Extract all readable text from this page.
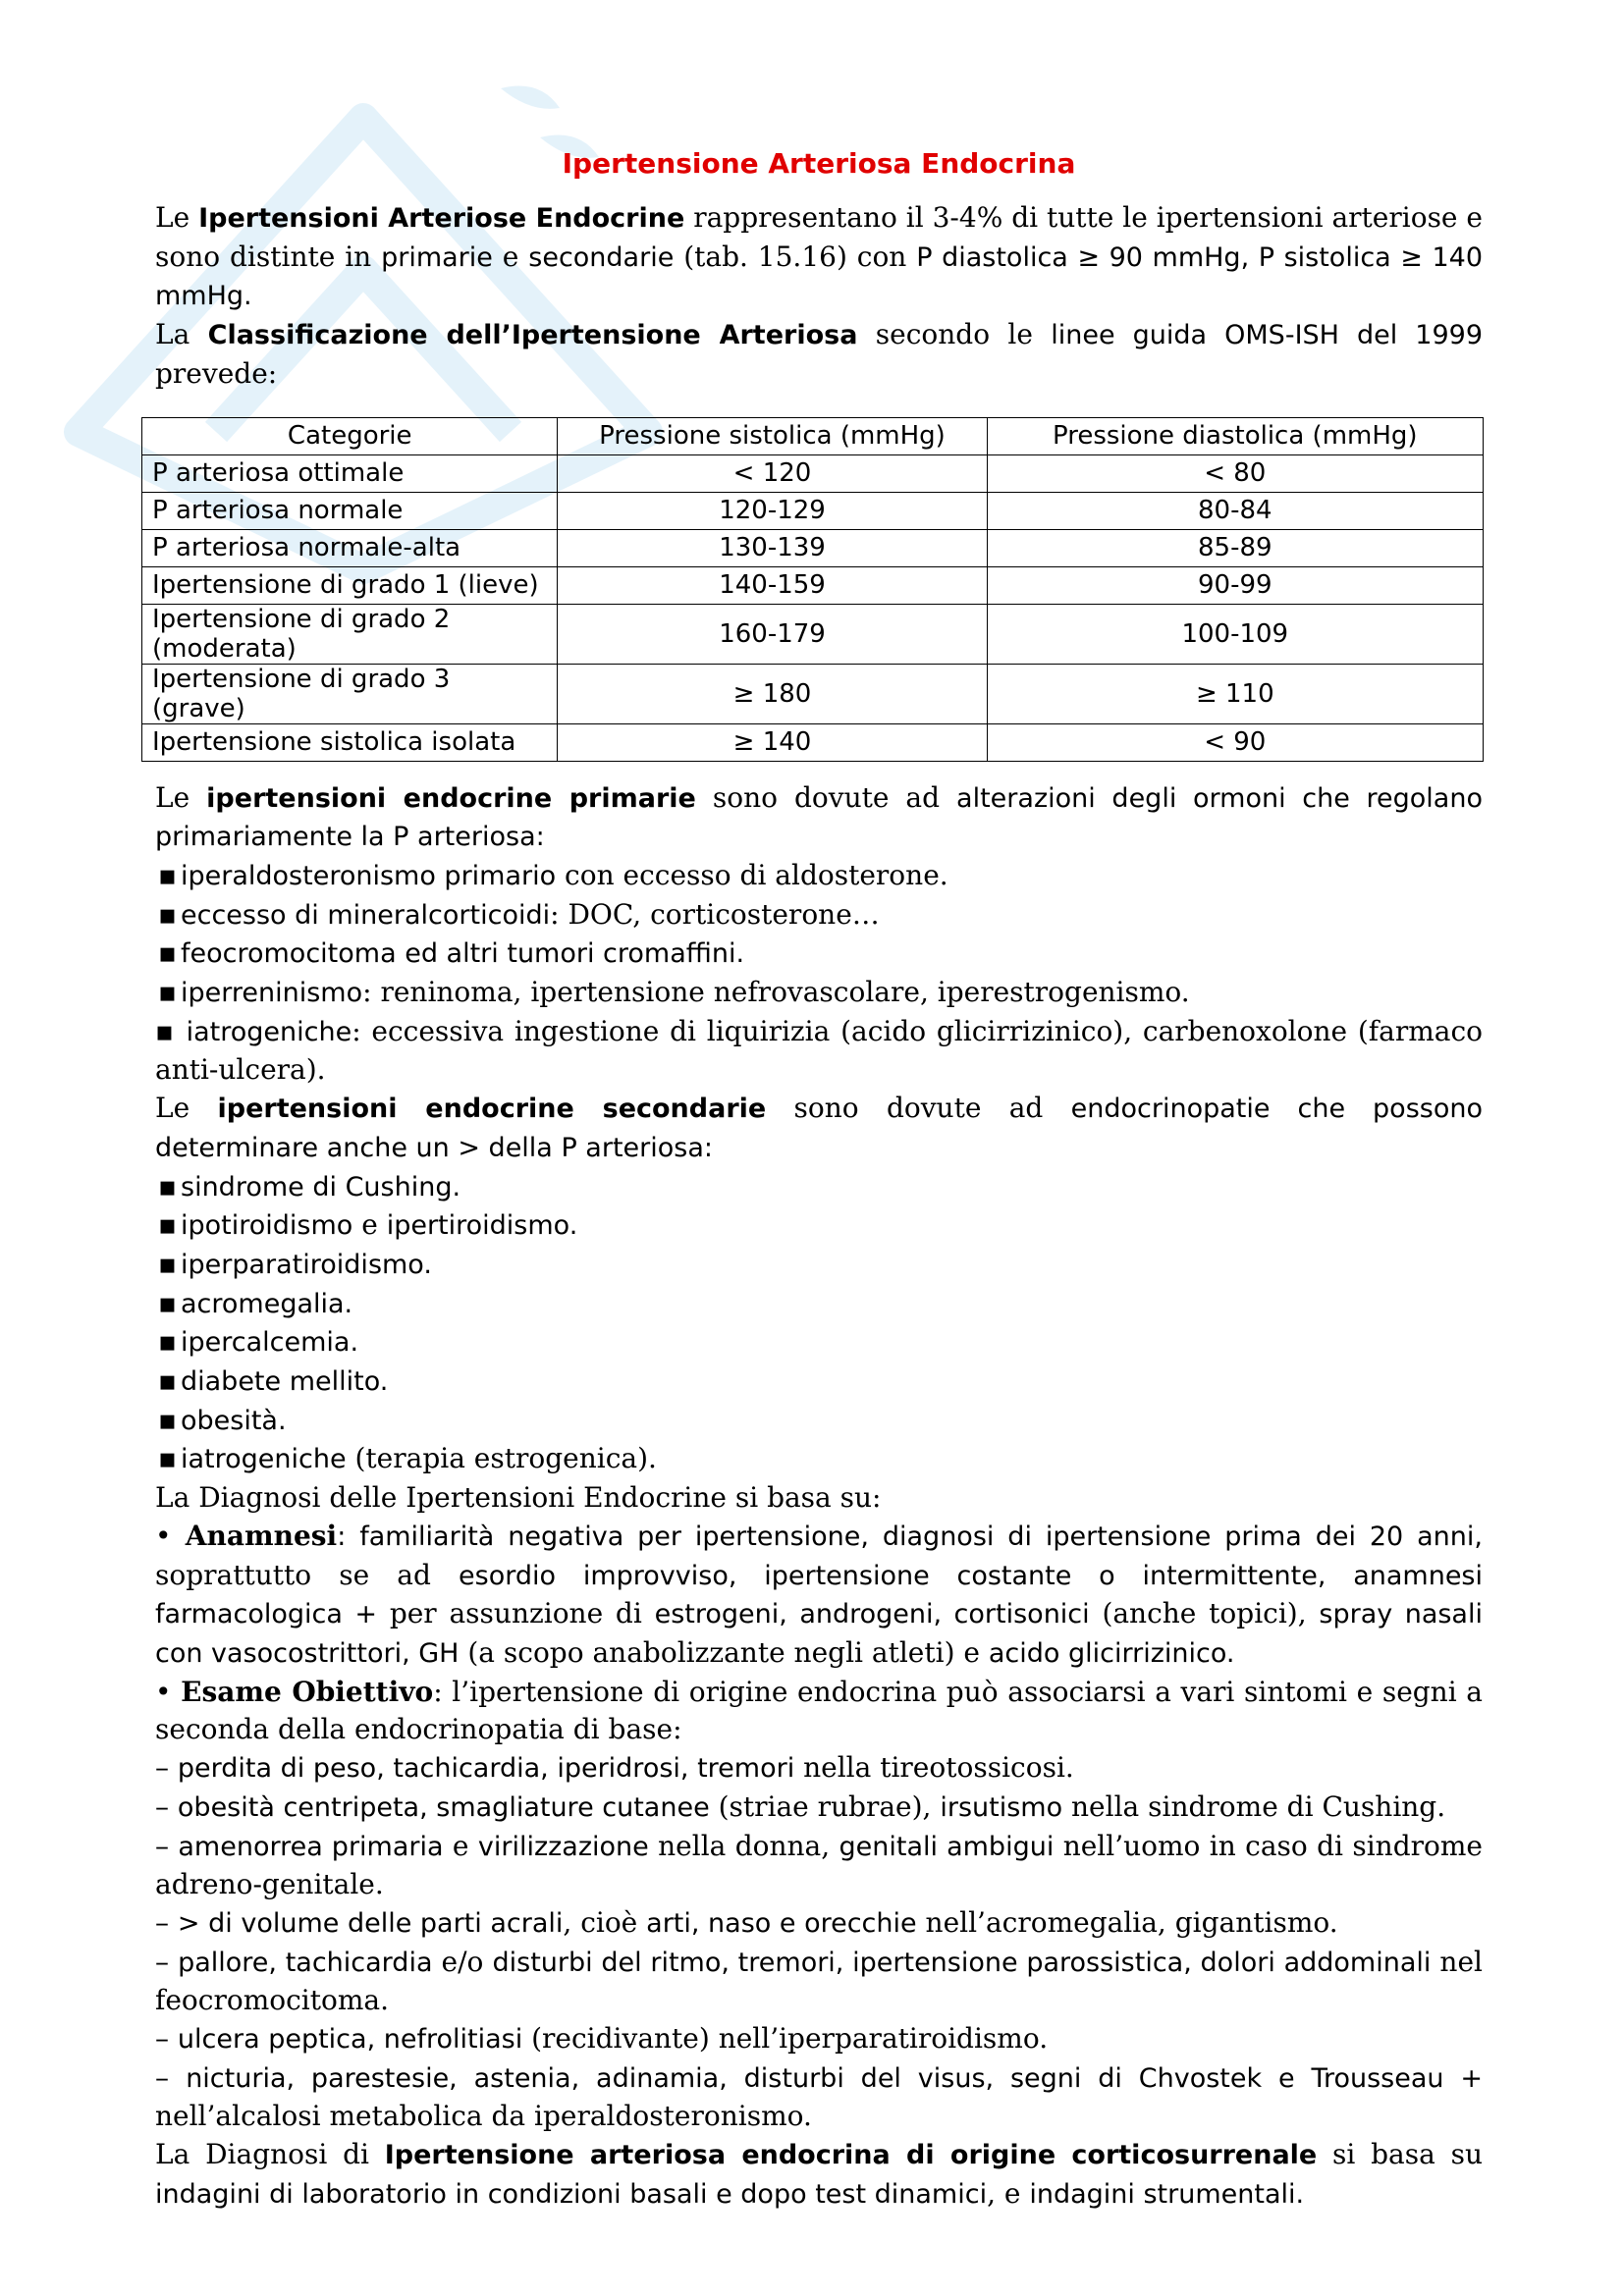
Ipertensione Arteriosa Endocrina

Le Ipertensioni Arteriose Endocrine rappresentano il 3-4% di tutte le ipertensioni arteriose e sono distinte in primarie e secondarie (tab. 15.16) con P diastolica ≥ 90 mmHg, P sistolica ≥ 140 mmHg.

La Classificazione dell’Ipertensione Arteriosa secondo le linee guida OMS-ISH del 1999 prevede:

Categorie	Pressione sistolica (mmHg)	Pressione diastolica (mmHg)
P arteriosa ottimale	< 120	< 80
P arteriosa normale	120-129	80-84
P arteriosa normale-alta	130-139	85-89
Ipertensione di grado 1 (lieve)	140-159	90-99
Ipertensione di grado 2 (moderata)	160-179	100-109
Ipertensione di grado 3 (grave)	≥ 180	≥ 110
Ipertensione sistolica isolata	≥ 140	< 90

Le ipertensioni endocrine primarie sono dovute ad alterazioni degli ormoni che regolano primariamente la P arteriosa:

▪ iperaldosteronismo primario con eccesso di aldosterone.
▪ eccesso di mineralcorticoidi: DOC, corticosterone…
▪ feocromocitoma ed altri tumori cromaffini.
▪ iperreninismo: reninoma, ipertensione nefrovascolare, iperestrogenismo.
▪ iatrogeniche: eccessiva ingestione di liquirizia (acido glicirrizinico), carbenoxolone (farmaco anti-ulcera).

Le ipertensioni endocrine secondarie sono dovute ad endocrinopatie che possono determinare anche un > della P arteriosa:

▪ sindrome di Cushing.
▪ ipotiroidismo e ipertiroidismo.
▪ iperparatiroidismo.
▪ acromegalia.
▪ ipercalcemia.
▪ diabete mellito.
▪ obesità.
▪ iatrogeniche (terapia estrogenica).

La Diagnosi delle Ipertensioni Endocrine si basa su:

• Anamnesi: familiarità negativa per ipertensione, diagnosi di ipertensione prima dei 20 anni, soprattutto se ad esordio improvviso, ipertensione costante o intermittente, anamnesi farmacologica + per assunzione di estrogeni, androgeni, cortisonici (anche topici), spray nasali con vasocostrittori, GH (a scopo anabolizzante negli atleti) e acido glicirrizinico.

• Esame Obiettivo: l’ipertensione di origine endocrina può associarsi a vari sintomi e segni a seconda della endocrinopatia di base:

– perdita di peso, tachicardia, iperidrosi, tremori nella tireotossicosi.

– obesità centripeta, smagliature cutanee (striae rubrae), irsutismo nella sindrome di Cushing.

– amenorrea primaria e virilizzazione nella donna, genitali ambigui nell’uomo in caso di sindrome adreno-genitale.

– > di volume delle parti acrali, cioè arti, naso e orecchie nell’acromegalia, gigantismo.

– pallore, tachicardia e/o disturbi del ritmo, tremori, ipertensione parossistica, dolori addominali nel feocromocitoma.

– ulcera peptica, nefrolitiasi (recidivante) nell’iperparatiroidismo.

– nicturia, parestesie, astenia, adinamia, disturbi del visus, segni di Chvostek e Trousseau + nell’alcalosi metabolica da iperaldosteronismo.

La Diagnosi di Ipertensione arteriosa endocrina di origine corticosurrenale si basa su indagini di laboratorio in condizioni basali e dopo test dinamici, e indagini strumentali.
